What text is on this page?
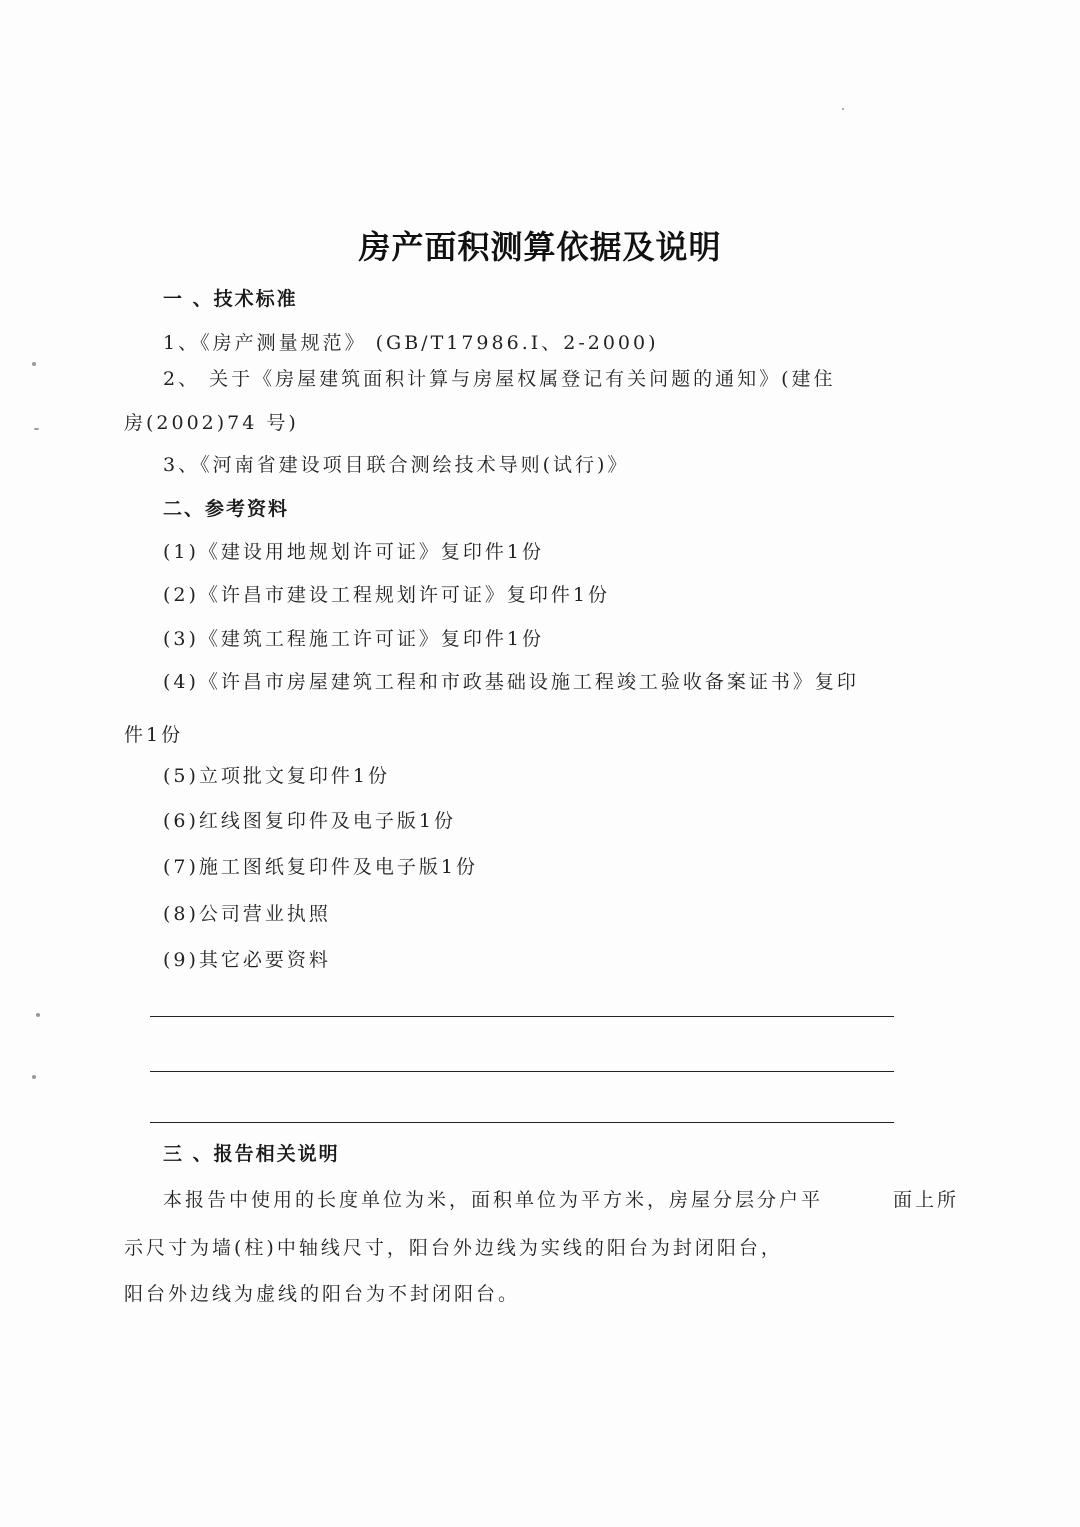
房产面积测算依据及说明
一 、技术标准
1、《房产测量规范》 (GB/T17986.I、2-2000)
2、 关于《房屋建筑面积计算与房屋权属登记有关问题的通知》(建住
房(2002)74 号)
3、《河南省建设项目联合测绘技术导则(试行)》
二、参考资料
(1)《建设用地规划许可证》复印件1份
(2)《许昌市建设工程规划许可证》复印件1份
(3)《建筑工程施工许可证》复印件1份
(4)《许昌市房屋建筑工程和市政基础设施工程竣工验收备案证书》复印
件1份
(5)立项批文复印件1份
(6)红线图复印件及电子版1份
(7)施工图纸复印件及电子版1份
(8)公司营业执照
(9)其它必要资料
三 、报告相关说明
本报告中使用的长度单位为米，面积单位为平方米，房屋分层分户平	面上所
示尺寸为墙(柱)中轴线尺寸，阳台外边线为实线的阳台为封闭阳台，
阳台外边线为虚线的阳台为不封闭阳台。
